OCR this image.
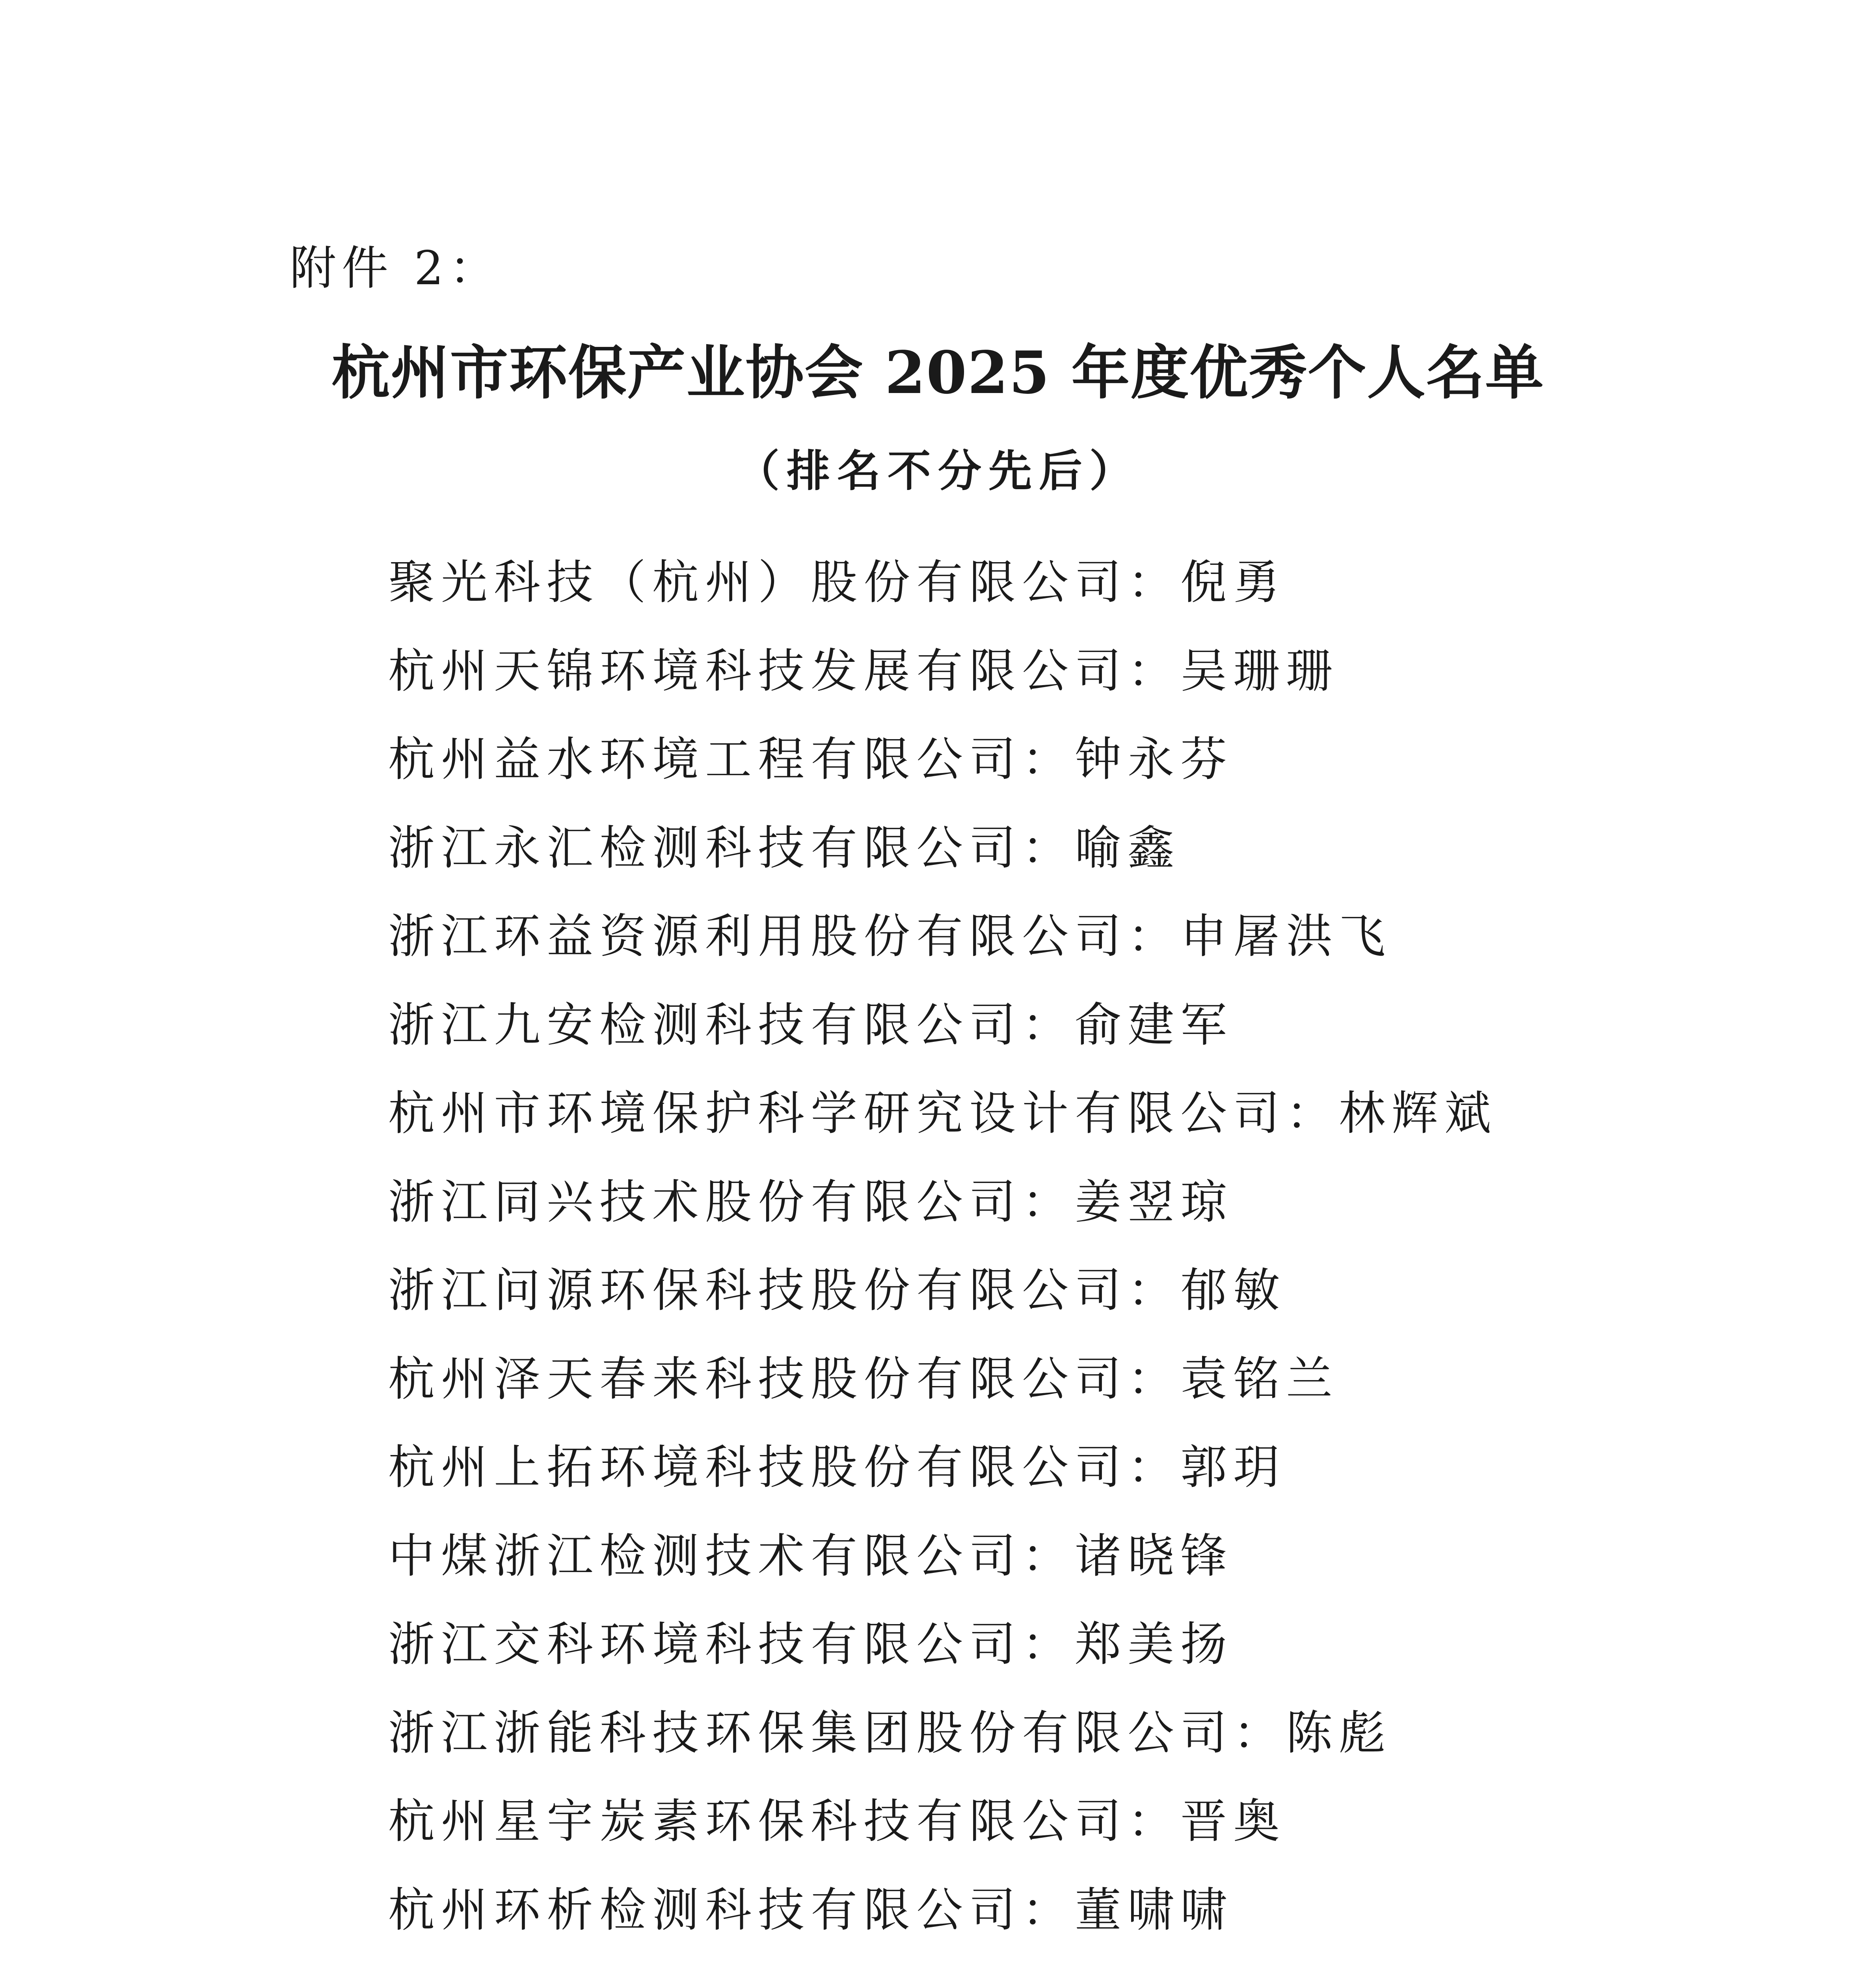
附件 2：
杭州市环保产业协会 2025 年度优秀个人名单
（排名不分先后）
聚光科技（杭州）股份有限公司：倪勇
杭州天锦环境科技发展有限公司：吴珊珊
杭州益水环境工程有限公司：钟永芬
浙江永汇检测科技有限公司：喻鑫
浙江环益资源利用股份有限公司：申屠洪飞
浙江九安检测科技有限公司：俞建军
杭州市环境保护科学研究设计有限公司：林辉斌
浙江同兴技术股份有限公司：姜翌琼
浙江问源环保科技股份有限公司：郁敏
杭州泽天春来科技股份有限公司：袁铭兰
杭州上拓环境科技股份有限公司：郭玥
中煤浙江检测技术有限公司：诸晓锋
浙江交科环境科技有限公司：郑美扬
浙江浙能科技环保集团股份有限公司：陈彪
杭州星宇炭素环保科技有限公司：晋奥
杭州环析检测科技有限公司：董啸啸
